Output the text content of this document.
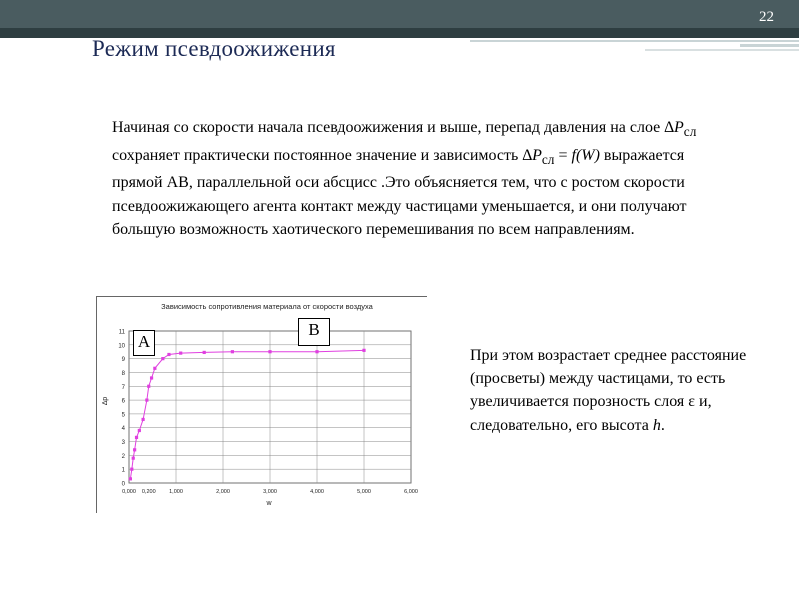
22
Режим псевдоожижения
Начиная со скорости начала псевдоожижения и выше, перепад давления на слое $\Delta P_{сл}$ сохраняет практически постоянное значение и зависимость $\Delta P_{сл} = f(W)$ выражается прямой АВ, параллельной оси абсцисс .Это объясняется тем, что с ростом скорости псевдоожижающего агента контакт между частицами уменьшается, и они получают большую возможность хаотического перемешивания по всем направлениям.
Зависимость сопротивления материала от скорости воздуха
∆p
w
0
1
2
3
4
5
6
7
8
9
10
11
0,000 0,200 1,000	2,000	3,000	4,000	5,000	6,000
A
B
При этом возрастает среднее расстояние (просветы) между частицами, то есть увеличивается порозность слоя ε и, следовательно, его высота h.
